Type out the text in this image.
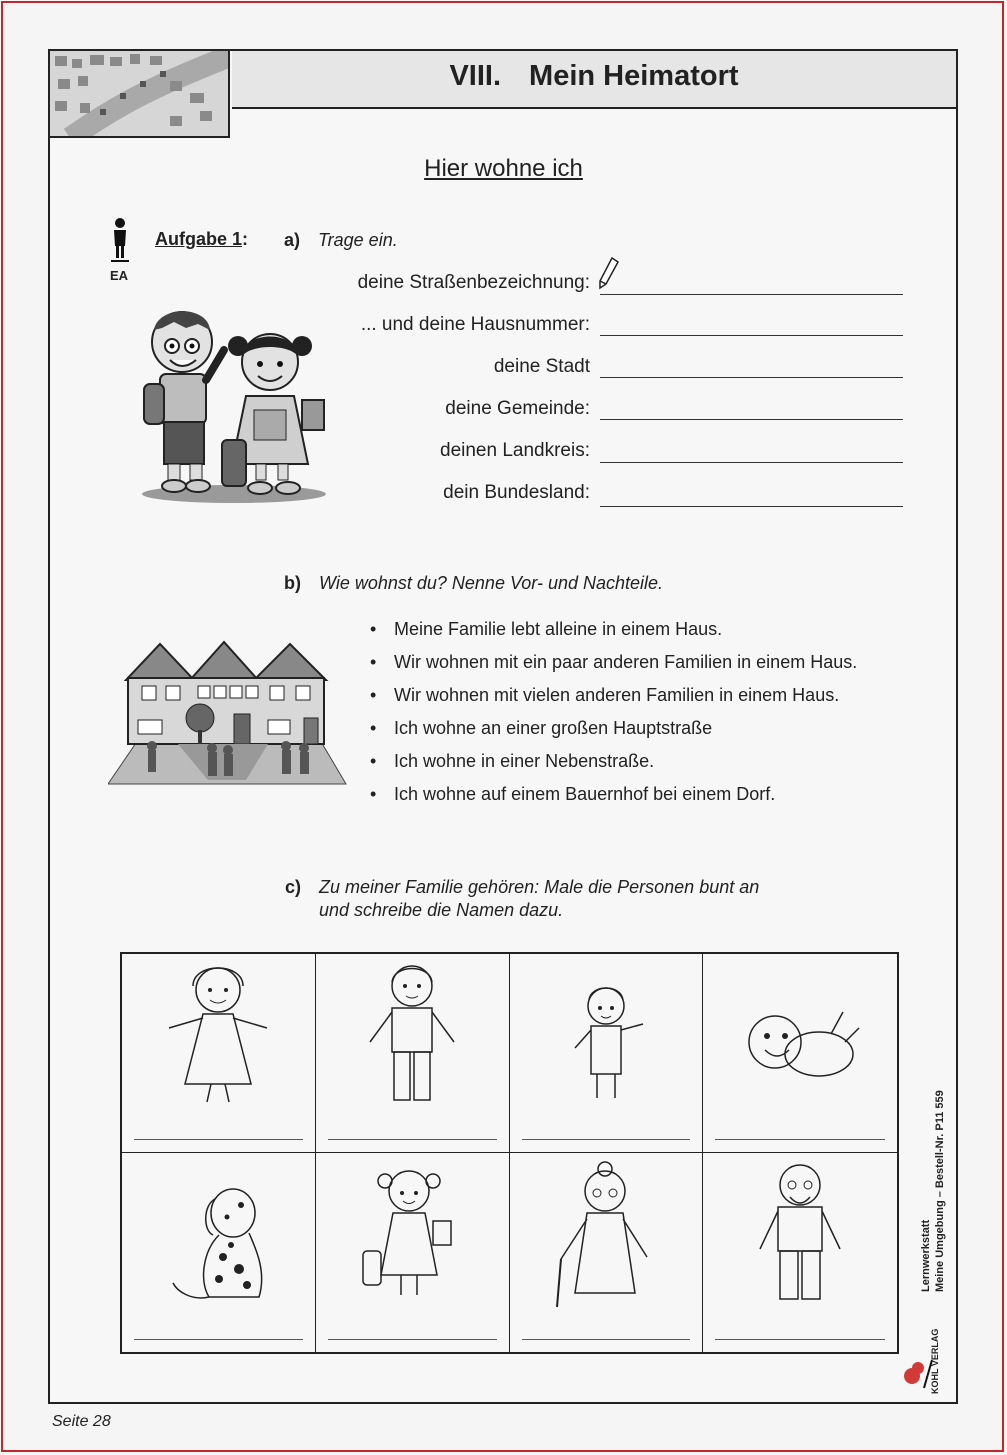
VIII. Mein Heimatort
Hier wohne ich
EA
Aufgabe 1: a) Trage ein.
deine Straßenbezeichnung:
... und deine Hausnummer:
deine Stadt
deine Gemeinde:
deinen Landkreis:
dein Bundesland:
b) Wie wohnst du? Nenne Vor- und Nachteile.
• Meine Familie lebt alleine in einem Haus.
• Wir wohnen mit ein paar anderen Familien in einem Haus.
• Wir wohnen mit vielen anderen Familien in einem Haus.
• Ich wohne an einer großen Hauptstraße
• Ich wohne in einer Nebenstraße.
• Ich wohne auf einem Bauernhof bei einem Dorf.
c) Zu meiner Familie gehören: Male die Personen bunt an
und schreibe die Namen dazu.
Lernwerkstatt Meine Umgebung – Bestell-Nr. P11 559
KOHL VERLAG
Seite 28
